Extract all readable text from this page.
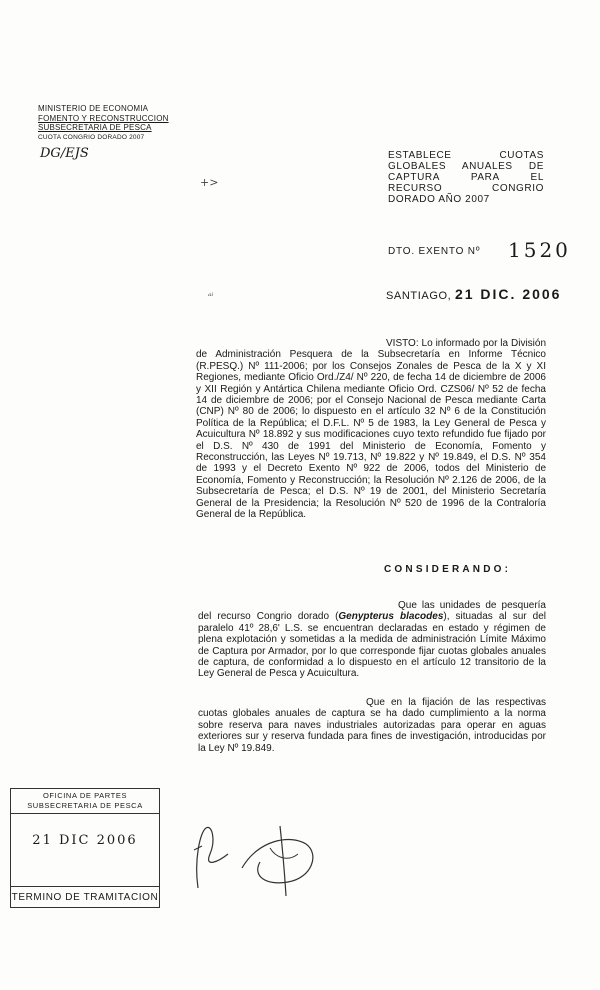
MINISTERIO DE ECONOMIA
FOMENTO Y RECONSTRUCCION
SUBSECRETARIA DE PESCA
CUOTA CONGRIO DORADO 2007
DG/EJS
+>
ᵃⁱ
ESTABLECE CUOTAS GLOBALES ANUALES DE CAPTURA PARA EL RECURSO CONGRIO DORADO AÑO 2007
DTO. EXENTO Nº 1520
SANTIAGO, 21 DIC. 2006
VISTO: Lo informado por la División de Administración Pesquera de la Subsecretaría en Informe Técnico (R.PESQ.) Nº 111-2006; por los Consejos Zonales de Pesca de la X y XI Regiones, mediante Oficio Ord./Z4/ Nº 220, de fecha 14 de diciembre de 2006 y XII Región y Antártica Chilena mediante Oficio Ord. CZS06/ Nº 52 de fecha 14 de diciembre de 2006; por el Consejo Nacional de Pesca mediante Carta (CNP) Nº 80 de 2006; lo dispuesto en el artículo 32 Nº 6 de la Constitución Política de la República; el D.F.L. Nº 5 de 1983, la Ley General de Pesca y Acuicultura Nº 18.892 y sus modificaciones cuyo texto refundido fue fijado por el D.S. Nº 430 de 1991 del Ministerio de Economía, Fomento y Reconstrucción, las Leyes Nº 19.713, Nº 19.822 y Nº 19.849, el D.S. Nº 354 de 1993 y el Decreto Exento Nº 922 de 2006, todos del Ministerio de Economía, Fomento y Reconstrucción; la Resolución Nº 2.126 de 2006, de la Subsecretaría de Pesca; el D.S. Nº 19 de 2001, del Ministerio Secretaría General de la Presidencia; la Resolución Nº 520 de 1996 de la Contraloría General de la República.
CONSIDERANDO:
Que las unidades de pesquería del recurso Congrio dorado (Genypterus blacodes), situadas al sur del paralelo 41º 28,6' L.S. se encuentran declaradas en estado y régimen de plena explotación y sometidas a la medida de administración Límite Máximo de Captura por Armador, por lo que corresponde fijar cuotas globales anuales de captura, de conformidad a lo dispuesto en el artículo 12 transitorio de la Ley General de Pesca y Acuicultura.
Que en la fijación de las respectivas cuotas globales anuales de captura se ha dado cumplimiento a la norma sobre reserva para naves industriales autorizadas para operar en aguas exteriores sur y reserva fundada para fines de investigación, introducidas por la Ley Nº 19.849.
OFICINA DE PARTES
SUBSECRETARIA DE PESCA
21 DIC 2006
TERMINO DE TRAMITACION
